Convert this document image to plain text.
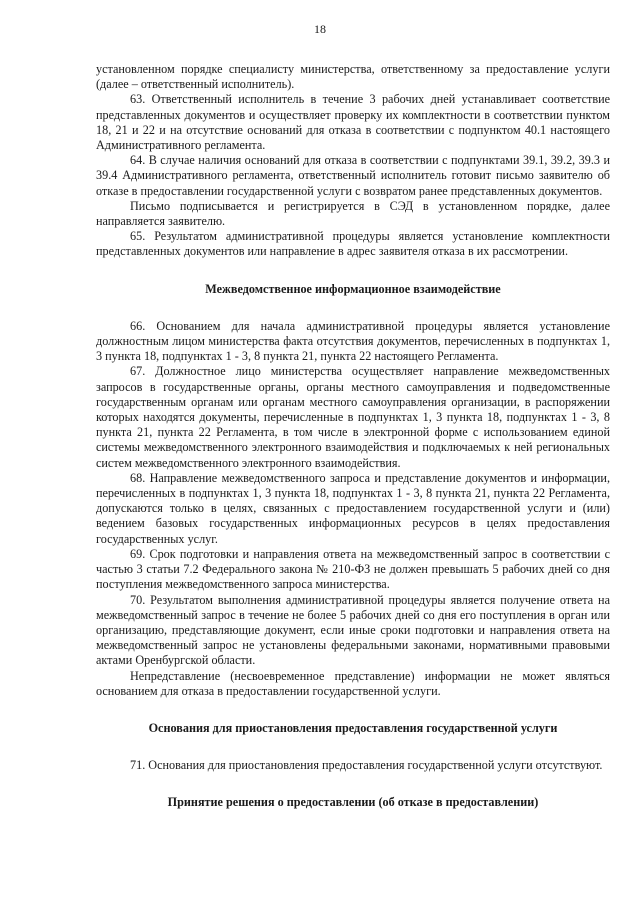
18

установленном порядке специалисту министерства, ответственному за предоставление услуги (далее – ответственный исполнитель).

63. Ответственный исполнитель в течение 3 рабочих дней устанавливает соответствие представленных документов и осуществляет проверку их комплектности в соответствии пунктом 18, 21 и 22 и на отсутствие оснований для отказа в соответствии с подпунктом 40.1 настоящего Административного регламента.

64. В случае наличия оснований для отказа в соответствии с подпунктами 39.1, 39.2, 39.3 и 39.4 Административного регламента, ответственный исполнитель готовит письмо заявителю об отказе в предоставлении государственной услуги с возвратом ранее представленных документов.

Письмо подписывается и регистрируется в СЭД в установленном порядке, далее направляется заявителю.

65. Результатом административной процедуры является установление комплектности представленных документов или направление в адрес заявителя отказа в их рассмотрении.

Межведомственное информационное взаимодействие

66. Основанием для начала административной процедуры является установление должностным лицом министерства факта отсутствия документов, перечисленных в подпунктах 1, 3 пункта 18, подпунктах 1 - 3, 8 пункта 21, пункта 22 настоящего Регламента.

67. Должностное лицо министерства осуществляет направление межведомственных запросов в государственные органы, органы местного самоуправления и подведомственные государственным органам или органам местного самоуправления организации, в распоряжении которых находятся документы, перечисленные в подпунктах 1, 3 пункта 18, подпунктах 1 - 3, 8 пункта 21, пункта 22 Регламента, в том числе в электронной форме с использованием единой системы межведомственного электронного взаимодействия и подключаемых к ней региональных систем межведомственного электронного взаимодействия.

68. Направление межведомственного запроса и представление документов и информации, перечисленных в подпунктах 1, 3 пункта 18, подпунктах 1 - 3, 8 пункта 21, пункта 22 Регламента, допускаются только в целях, связанных с предоставлением государственной услуги и (или) ведением базовых государственных информационных ресурсов в целях предоставления государственных услуг.

69. Срок подготовки и направления ответа на межведомственный запрос в соответствии с частью 3 статьи 7.2 Федерального закона № 210-ФЗ не должен превышать 5 рабочих дней со дня поступления межведомственного запроса министерства.

70. Результатом выполнения административной процедуры является получение ответа на межведомственный запрос в течение не более 5 рабочих дней со дня его поступления в орган или организацию, представляющие документ, если иные сроки подготовки и направления ответа на межведомственный запрос не установлены федеральными законами, нормативными правовыми актами Оренбургской области.

Непредставление (несвоевременное представление) информации не может являться основанием для отказа в предоставлении государственной услуги.

Основания для приостановления предоставления государственной услуги

71. Основания для приостановления предоставления государственной услуги отсутствуют.

Принятие решения о предоставлении (об отказе в предоставлении)
